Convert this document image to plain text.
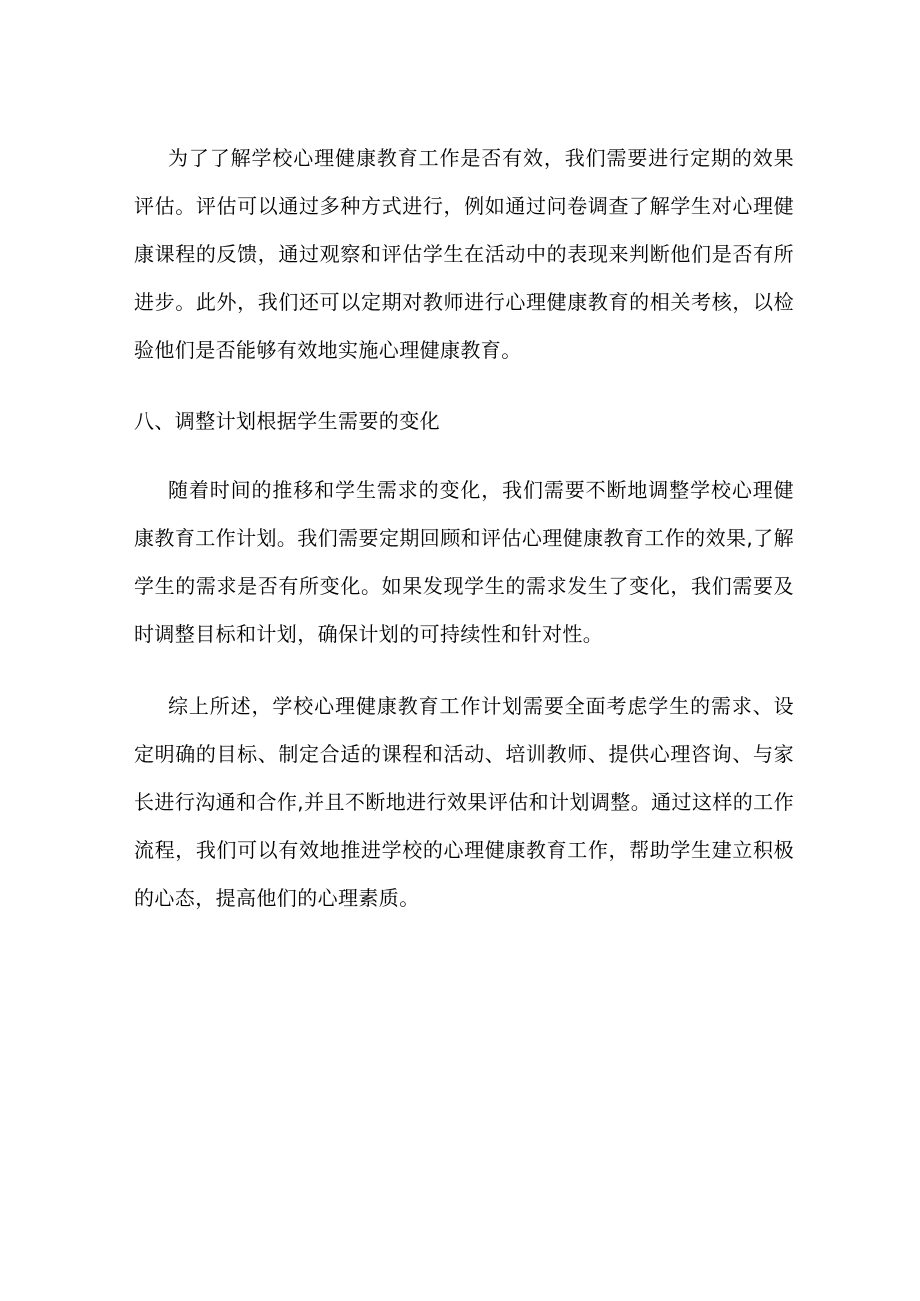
为了了解学校心理健康教育工作是否有效，我们需要进行定期的效果评估。评估可以通过多种方式进行，例如通过问卷调查了解学生对心理健康课程的反馈，通过观察和评估学生在活动中的表现来判断他们是否有所进步。此外，我们还可以定期对教师进行心理健康教育的相关考核，以检验他们是否能够有效地实施心理健康教育。

八、调整计划根据学生需要的变化

随着时间的推移和学生需求的变化，我们需要不断地调整学校心理健康教育工作计划。我们需要定期回顾和评估心理健康教育工作的效果,了解学生的需求是否有所变化。如果发现学生的需求发生了变化，我们需要及时调整目标和计划，确保计划的可持续性和针对性。

综上所述，学校心理健康教育工作计划需要全面考虑学生的需求、设定明确的目标、制定合适的课程和活动、培训教师、提供心理咨询、与家长进行沟通和合作,并且不断地进行效果评估和计划调整。通过这样的工作流程，我们可以有效地推进学校的心理健康教育工作，帮助学生建立积极的心态，提高他们的心理素质。
